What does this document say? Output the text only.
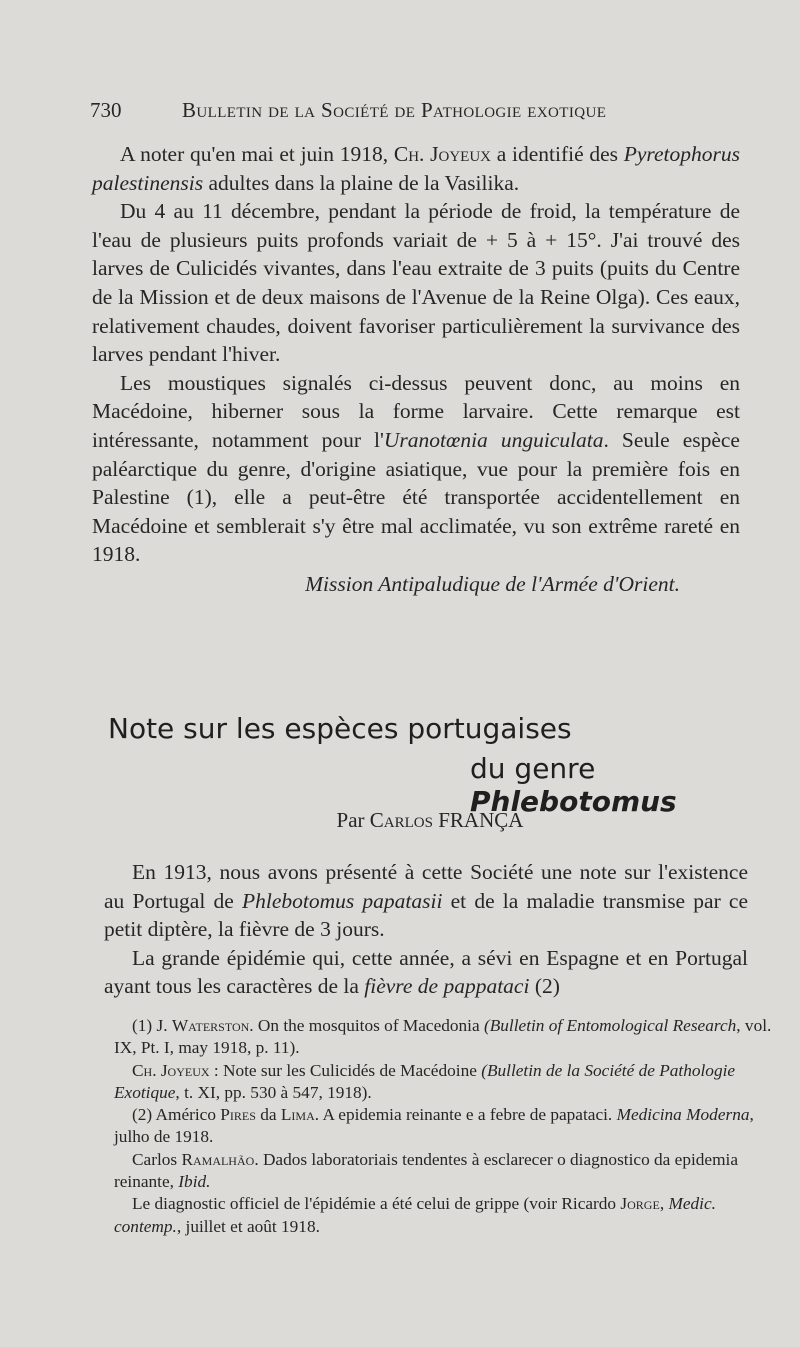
730	Bulletin de la Société de Pathologie exotique

A noter qu'en mai et juin 1918, Ch. Joyeux a identifié des Pyretophorus palestinensis adultes dans la plaine de la Vasilika.

Du 4 au 11 décembre, pendant la période de froid, la température de l'eau de plusieurs puits profonds variait de + 5 à + 15°. J'ai trouvé des larves de Culicidés vivantes, dans l'eau extraite de 3 puits (puits du Centre de la Mission et de deux maisons de l'Avenue de la Reine Olga). Ces eaux, relativement chaudes, doivent favoriser particulièrement la survivance des larves pendant l'hiver.

Les moustiques signalés ci-dessus peuvent donc, au moins en Macédoine, hiberner sous la forme larvaire. Cette remarque est intéressante, notamment pour l'Uranotœnia unguiculata. Seule espèce paléarctique du genre, d'origine asiatique, vue pour la première fois en Palestine (1), elle a peut-être été transportée accidentellement en Macédoine et semblerait s'y être mal acclimatée, vu son extrême rareté en 1918.

Mission Antipaludique de l'Armée d'Orient.
Note sur les espèces portugaises
du genre Phlebotomus
Par Carlos FRANÇA

En 1913, nous avons présenté à cette Société une note sur l'existence au Portugal de Phlebotomus papatasii et de la maladie transmise par ce petit diptère, la fièvre de 3 jours.

La grande épidémie qui, cette année, a sévi en Espagne et en Portugal ayant tous les caractères de la fièvre de pappataci (2)

(1) J. Waterston. On the mosquitos of Macedonia (Bulletin of Entomological Research, vol. IX, Pt. I, may 1918, p. 11).

Ch. Joyeux : Note sur les Culicidés de Macédoine (Bulletin de la Société de Pathologie Exotique, t. XI, pp. 530 à 547, 1918).

(2) Américo Pires da Lima. A epidemia reinante e a febre de papataci. Medicina Moderna, julho de 1918.

Carlos Ramalhão. Dados laboratoriais tendentes à esclarecer o diagnostico da epidemia reinante, Ibid.

Le diagnostic officiel de l'épidémie a été celui de grippe (voir Ricardo Jorge, Medic. contemp., juillet et août 1918.
